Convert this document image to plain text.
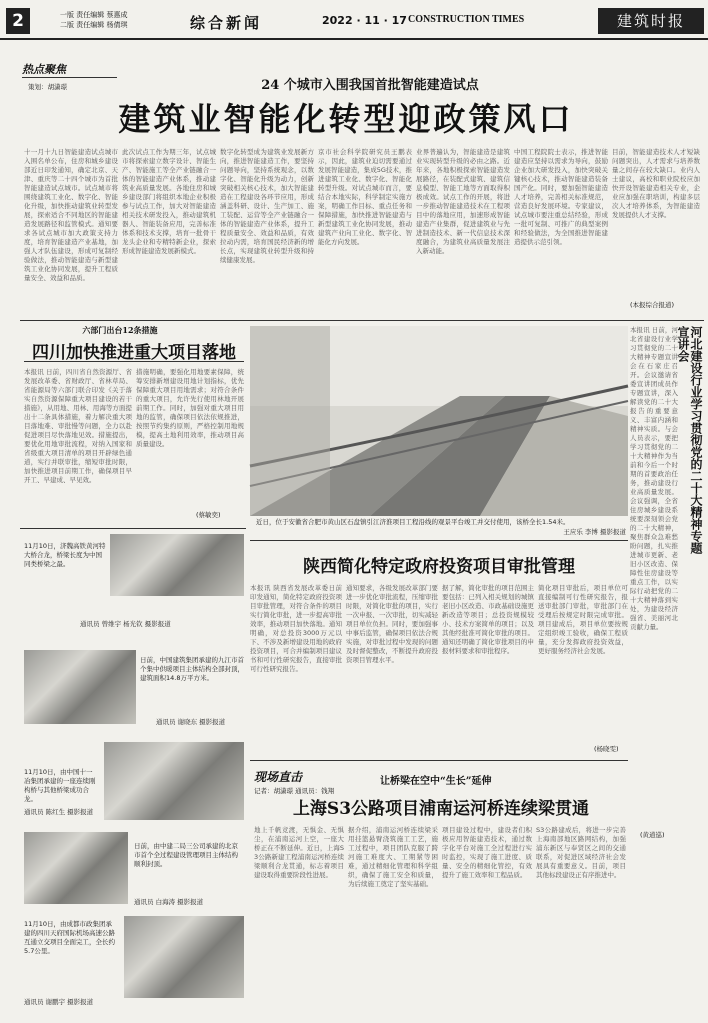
2	一版 责任编辑 蔡惠成
二版 责任编辑 杨倩琪	综合新闻	2022 · 11 · 17 CONSTRUCTION TIMES	建筑时报
热点聚焦
策划：胡潇璟	24 个城市入围我国首批智能建造试点
建筑业智能化转型迎政策风口
十一月十九日智能建造试点城市入围名单公布，住房和城乡建设部近日印发通知，确定北京、天津、重庆等二十四个城市为首批智能建造试点城市。试点城市将围绕建筑工业化、数字化、智能化升级，加快推动建筑业转型发展，探索适合不同地区的智能建造发展路径和监管模式。通知要求各试点城市加大政策支持力度，培育智能建造产业基地，加强人才队伍建设，形成可复制经验做法，推动智能建造与新型建筑工业化协同发展，提升工程质量安全、效益和品质。
此次试点工作为期三年，试点城市将探索建立数字设计、智能生产、智能施工等全产业链融合一体的智能建造产业体系，推动建筑业高质量发展。各地住房和城乡建设部门将组织本地企业积极参与试点工作，加大对智能建造相关技术研发投入，推动建筑机器人、智能装备应用，完善标准体系和技术支撑，培育一批骨干龙头企业和专精特新企业，探索形成智能建造发展新模式。
数字化转型成为建筑业发展新方向，推进智能建造工作，要坚持问题导向，坚持系统观念，以数字化、智能化升级为动力，创新突破相关核心技术，加大智能建造在工程建设各环节应用，形成涵盖科研、设计、生产加工、施工装配、运营等全产业链融合一体的智能建造产业体系，提升工程质量安全、效益和品质，有效拉动内需，培育国民经济新的增长点，实现建筑业转型升级和持续健康发展。
京市社会科学院研究员王鹏表示，因此，建筑业迫切需要通过发展智能建造，集成5G技术，推进建筑工业化、数字化、智能化转型升级。对试点城市而言，要结合本地实际，科学制定实施方案，明确工作目标、重点任务和保障措施，加快推进智能建造与新型建筑工业化协同发展，推动建筑产业向工业化、数字化、智能化方向发展。
业界普遍认为，智能建造是建筑业实现转型升级的必由之路。近年来，各地积极探索智能建造发展路径，在装配式建筑、建筑信息模型、智能工地等方面取得积极成效。试点工作的开展，将进一步推动智能建造技术在工程项目中的落地应用，加速形成智能建造产业集群，促进建筑业与先进制造技术、新一代信息技术深度融合，为建筑业高质量发展注入新动能。
中国工程院院士表示，推进智能建造应坚持以需求为导向，鼓励企业加大研发投入，加快突破关键核心技术，推动智能建造装备国产化。同时，要加强智能建造人才培养，完善相关标准规范，营造良好发展环境。专家建议，试点城市要注重总结经验，形成一批可复制、可推广的典型案例和经验做法，为全国推进智能建造提供示范引领。
目前，智能建造技术人才短缺问题突出，人才需求与培养数量之间存在较大缺口。业内人士建议，高校和职业院校应加快开设智能建造相关专业，企业应加强在职培训，构建多层次人才培养体系，为智能建造发展提供人才支撑。
(本报综合报道)
六部门出台12条措施
四川加快推进重大项目落地
本报讯 日前，四川省自然资源厅、省发展改革委、省财政厅、省林草局、省能源局等六部门联合印发《关于落实自然资源保障重大项目建设的若干措施》，从用地、用林、用海等方面提出十二条具体措施，着力解决重大项目落地难、审批慢等问题，全力以赴促进项目尽快落地见效。措施提出，要优化用地审批流程，对纳入国家和省级重大项目清单的项目开辟绿色通道，实行并联审批，缩短审批时限，加快推进项目前期工作，确保项目早开工、早建成、早见效。
措施明确，要强化用地要素保障，统筹安排新增建设用地计划指标，优先保障重大项目用地需求；对符合条件的重大项目，允许先行使用林地开展前期工作。同时，加强对重大项目用地的监管，确保项目依法依规推进，按照节约集约原则，严格控制用地规模，提高土地利用效率，推动项目高质量建设。
(蔡敏奕)
近日，位于安徽省合肥市黄山区石盘镇引江济淮项目工程沿线的观景平台竣工并交付使用，该桥全长1.54米。
王应乐 李博 摄影报道	河北建设行业学习贯彻党的二十大精神专题宣讲会
本报讯 日前，河北省建设行业学习贯彻党的二十大精神专题宣讲会在石家庄召开。会议邀请省委宣讲团成员作专题宣讲，深入解读党的二十大报告的重要意义、丰富内涵和精神实质。与会人员表示，要把学习贯彻党的二十大精神作为当前和今后一个时期的首要政治任务，推动建设行业高质量发展。会议强调，全省住房城乡建设系统要深刻领会党的二十大精神，聚焦群众急难愁盼问题，扎实推进城市更新、老旧小区改造、保障性住房建设等重点工作，以实际行动把党的二十大精神落到实处，为建设经济强省、美丽河北贡献力量。
(黄道巡)
陕西简化特定政府投资项目审批管理
本报讯 陕西省发展改革委日前印发通知，简化特定政府投资项目审批管理，对符合条件的项目实行简化审批，进一步提高审批效率，推动项目加快落地。通知明确，对总投资3000万元以下、不涉及新增建设用地的政府投资项目，可合并编制项目建议书和可行性研究报告，直接审批可行性研究报告。
通知要求，各级发展改革部门要进一步优化审批流程，压缩审批时限，对简化审批的项目，实行一次申报、一次审批，切实减轻项目单位负担。同时，要加强事中事后监管，确保项目依法合规实施，对审批过程中发现的问题及时督促整改，不断提升政府投资项目管理水平。
据了解，简化审批的项目范围主要包括：已列入相关规划的城镇老旧小区改造、市政基础设施更新改造等项目；总投资规模较小、技术方案简单的项目；以及其他经批准可简化审批的项目。通知还明确了简化审批项目的申报材料要求和审批程序。
简化项目审批后，项目单位可直接编制可行性研究报告，报送审批部门审批，审批部门在受理后按规定时限完成审批。项目建成后，项目单位要按规定组织竣工验收，确保工程质量，充分发挥政府投资效益，更好服务经济社会发展。
(杨晓雯)
11月10日，济魏高铁黄河特大桥合龙，桥梁长度为中国同类桥梁之最。
通讯员 曾维宇 杨光钦 摄影报道
日前，中国建筑集团承建的九江市首个集中供暖项目主体结构全部封顶，建筑面积14.8万平方米。
通讯员 谢晓东 摄影报道
11月10日，由中国十一冶集团承建的一座连续刚构桥与其他桥梁成功合龙。
通讯员 陈红生 摄影报道
日前，由中建二局三公司承建的北京市首个全过程建设管理项目主体结构顺利封顶。
通讯员 白海涛 摄影报道
11月10日，由成都市政集团承建的四川天府国际机场高速公路互通立交项目全面完工，全长约5.7公里。
通讯员 谢鹏宇 摄影报道
现场直击
记者：胡潇璟 通讯员：钱翔
让桥梁在空中“生长”延伸
上海S3公路项目浦南运河桥连续梁贯通
地上千帆竞渡，无惧金、无惧尘，在浦南运河上空，一座大桥正在不断延伸。近日，上海S3公路新建工程浦南运河桥连续梁顺利合龙贯通，标志着项目建设取得重要阶段性进展。
据介绍，浦南运河桥连续梁采用挂篮悬臂浇筑施工工艺，施工过程中，项目团队克服了跨河施工难度大、工期紧等困难，通过精细化管理和科学组织，确保了施工安全和质量，为后续施工奠定了坚实基础。
项目建设过程中，建设者们积极应用智能建造技术，通过数字化平台对施工全过程进行实时监控，实现了施工进度、质量、安全的精细化管控，有效提升了施工效率和工程品质。
S3公路建成后，将进一步完善上海南部地区路网结构，加强浦东新区与奉贤区之间的交通联系，对促进区域经济社会发展具有重要意义。目前，项目其他标段建设正有序推进中。
